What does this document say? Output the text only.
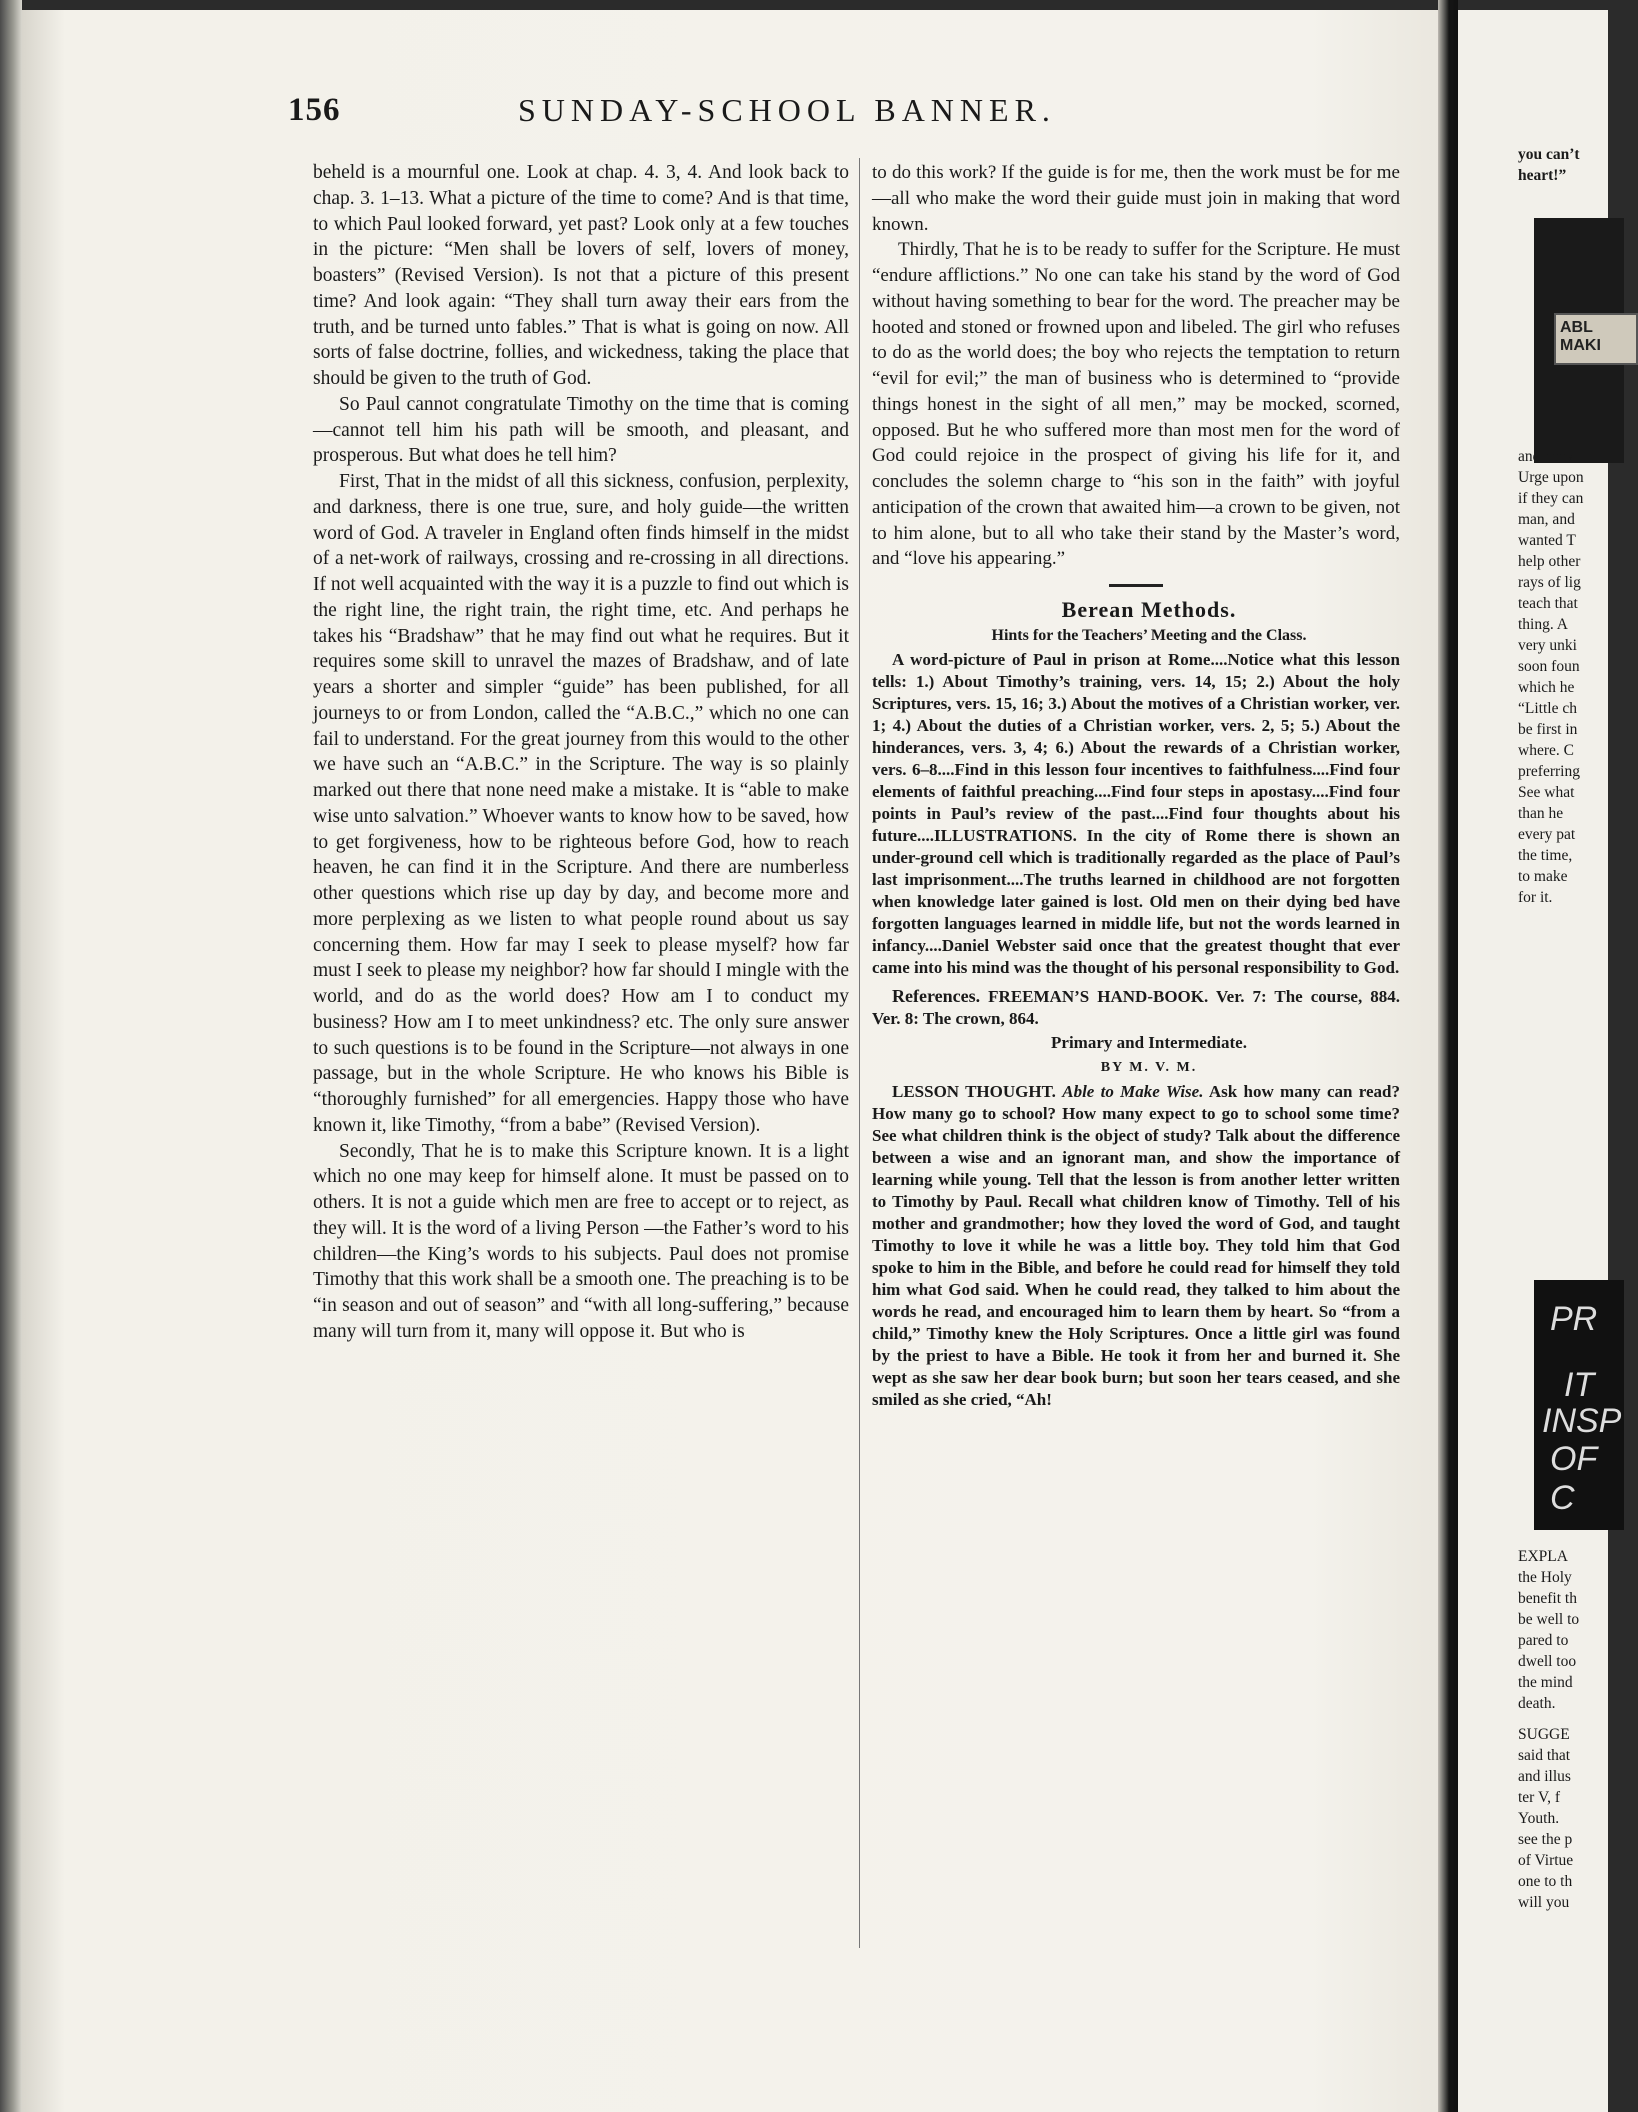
you can’t
heart!”
ABL
MAKI
and heav
Urge upon
if they can
man, and
wanted T
help other
rays of lig
teach that
thing. A
very unki
soon foun
which he
“Little ch
be first in
where. C
preferring
See what
than he
every pat
the time,
to make
for it.
PR
IT
INSP
OF C
EXPLA
the Holy
benefit th
be well to
pared to
dwell too
the mind
death.
SUGGE
said that
and illus
ter V, f
Youth.
see the p
of Virtue
one to th
will you
156	SUNDAY-SCHOOL BANNER.

beheld is a mournful one. Look at chap. 4. 3, 4. And look back to chap. 3. 1–13. What a picture of the time to come? And is that time, to which Paul looked forward, yet past? Look only at a few touches in the picture: “Men shall be lovers of self, lovers of money, boasters” (Revised Version). Is not that a picture of this present time? And look again: “They shall turn away their ears from the truth, and be turned unto fables.” That is what is going on now. All sorts of false doctrine, follies, and wickedness, taking the place that should be given to the truth of God.

So Paul cannot congratulate Timothy on the time that is coming—cannot tell him his path will be smooth, and pleasant, and prosperous. But what does he tell him?

First, That in the midst of all this sickness, confusion, perplexity, and darkness, there is one true, sure, and holy guide—the written word of God. A traveler in England often finds himself in the midst of a net-work of railways, crossing and re-crossing in all directions. If not well acquainted with the way it is a puzzle to find out which is the right line, the right train, the right time, etc. And perhaps he takes his “Bradshaw” that he may find out what he requires. But it requires some skill to unravel the mazes of Bradshaw, and of late years a shorter and simpler “guide” has been published, for all journeys to or from London, called the “A.B.C.,” which no one can fail to understand. For the great journey from this would to the other we have such an “A.B.C.” in the Scripture. The way is so plainly marked out there that none need make a mistake. It is “able to make wise unto salvation.” Whoever wants to know how to be saved, how to get forgiveness, how to be righteous before God, how to reach heaven, he can find it in the Scripture. And there are numberless other questions which rise up day by day, and become more and more perplexing as we listen to what people round about us say concerning them. How far may I seek to please myself? how far must I seek to please my neighbor? how far should I mingle with the world, and do as the world does? How am I to conduct my business? How am I to meet unkindness? etc. The only sure answer to such questions is to be found in the Scripture—not always in one passage, but in the whole Scripture. He who knows his Bible is “thoroughly furnished” for all emergencies. Happy those who have known it, like Timothy, “from a babe” (Revised Version).

Secondly, That he is to make this Scripture known. It is a light which no one may keep for himself alone. It must be passed on to others. It is not a guide which men are free to accept or to reject, as they will. It is the word of a living Person —the Father’s word to his children—the King’s words to his subjects. Paul does not promise Timothy that this work shall be a smooth one. The preaching is to be “in season and out of season” and “with all long-suffering,” because many will turn from it, many will oppose it. But who is

to do this work? If the guide is for me, then the work must be for me—all who make the word their guide must join in making that word known.

Thirdly, That he is to be ready to suffer for the Scripture. He must “endure afflictions.” No one can take his stand by the word of God without having something to bear for the word. The preacher may be hooted and stoned or frowned upon and libeled. The girl who refuses to do as the world does; the boy who rejects the temptation to return “evil for evil;” the man of business who is determined to “provide things honest in the sight of all men,” may be mocked, scorned, opposed. But he who suffered more than most men for the word of God could rejoice in the prospect of giving his life for it, and concludes the solemn charge to “his son in the faith” with joyful anticipation of the crown that awaited him—a crown to be given, not to him alone, but to all who take their stand by the Master’s word, and “love his appearing.”

Berean Methods.

Hints for the Teachers’ Meeting and the Class.

A word-picture of Paul in prison at Rome....Notice what this lesson tells: 1.) About Timothy’s training, vers. 14, 15; 2.) About the holy Scriptures, vers. 15, 16; 3.) About the motives of a Christian worker, ver. 1; 4.) About the duties of a Christian worker, vers. 2, 5; 5.) About the hinderances, vers. 3, 4; 6.) About the rewards of a Christian worker, vers. 6–8....Find in this lesson four incentives to faithfulness....Find four elements of faithful preaching....Find four steps in apostasy....Find four points in Paul’s review of the past....Find four thoughts about his future....ILLUSTRATIONS. In the city of Rome there is shown an under-ground cell which is traditionally regarded as the place of Paul’s last imprisonment....The truths learned in childhood are not forgotten when knowledge later gained is lost. Old men on their dying bed have forgotten languages learned in middle life, but not the words learned in infancy....Daniel Webster said once that the greatest thought that ever came into his mind was the thought of his personal responsibility to God.

References. FREEMAN’S HAND-BOOK. Ver. 7: The course, 884. Ver. 8: The crown, 864.

Primary and Intermediate.

BY M. V. M.

LESSON THOUGHT. Able to Make Wise. Ask how many can read? How many go to school? How many expect to go to school some time? See what children think is the object of study? Talk about the difference between a wise and an ignorant man, and show the importance of learning while young. Tell that the lesson is from another letter written to Timothy by Paul. Recall what children know of Timothy. Tell of his mother and grandmother; how they loved the word of God, and taught Timothy to love it while he was a little boy. They told him that God spoke to him in the Bible, and before he could read for himself they told him what God said. When he could read, they talked to him about the words he read, and encouraged him to learn them by heart. So “from a child,” Timothy knew the Holy Scriptures. Once a little girl was found by the priest to have a Bible. He took it from her and burned it. She wept as she saw her dear book burn; but soon her tears ceased, and she smiled as she cried, “Ah!
